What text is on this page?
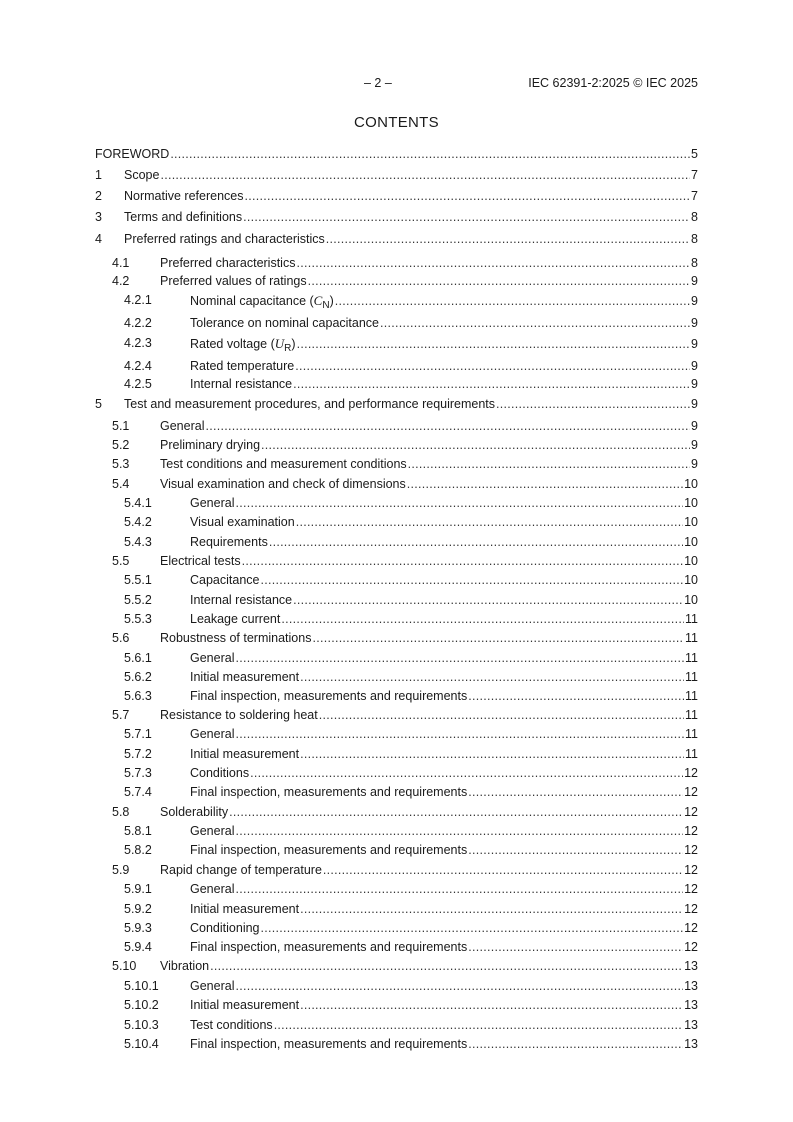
– 2 –	IEC 62391-2:2025 © IEC 2025
CONTENTS
FOREWORD . . .	5
1 Scope . . .	7
2 Normative references . . .	7
3 Terms and definitions . . .	8
4 Preferred ratings and characteristics . . .	8
4.1 Preferred characteristics . . .	8
4.2 Preferred values of ratings . . .	9
4.2.1	Nominal capacitance $(C_N)$ . . .	9
4.2.2	Tolerance on nominal capacitance . . .	9
4.2.3	Rated voltage $(U_R)$ . . .	9
4.2.4	Rated temperature . . .	9
4.2.5	Internal resistance . . .	9
5 Test and measurement procedures, and performance requirements . . .	9
5.1 General . . .	9
5.2 Preliminary drying . . .	9
5.3 Test conditions and measurement conditions . . .	9
5.4 Visual examination and check of dimensions . . .	10
5.4.1	General . . .	10
5.4.2	Visual examination . . .	10
5.4.3	Requirements . . .	10
5.5 Electrical tests . . .	10
5.5.1	Capacitance . . .	10
5.5.2	Internal resistance . . .	10
5.5.3	Leakage current . . .	11
5.6 Robustness of terminations . . .	11
5.6.1	General . . .	11
5.6.2	Initial measurement . . .	11
5.6.3	Final inspection, measurements and requirements . . .	11
5.7 Resistance to soldering heat . . .	11
5.7.1	General . . .	11
5.7.2	Initial measurement . . .	11
5.7.3	Conditions . . .	12
5.7.4	Final inspection, measurements and requirements . . .	12
5.8 Solderability . . .	12
5.8.1	General . . .	12
5.8.2	Final inspection, measurements and requirements . . .	12
5.9 Rapid change of temperature . . .	12
5.9.1	General . . .	12
5.9.2	Initial measurement . . .	12
5.9.3	Conditioning . . .	12
5.9.4	Final inspection, measurements and requirements . . .	12
5.10 Vibration . . .	13
5.10.1 General . . .	13
5.10.2 Initial measurement . . .	13
5.10.3 Test conditions . . .	13
5.10.4 Final inspection, measurements and requirements . . .	13
